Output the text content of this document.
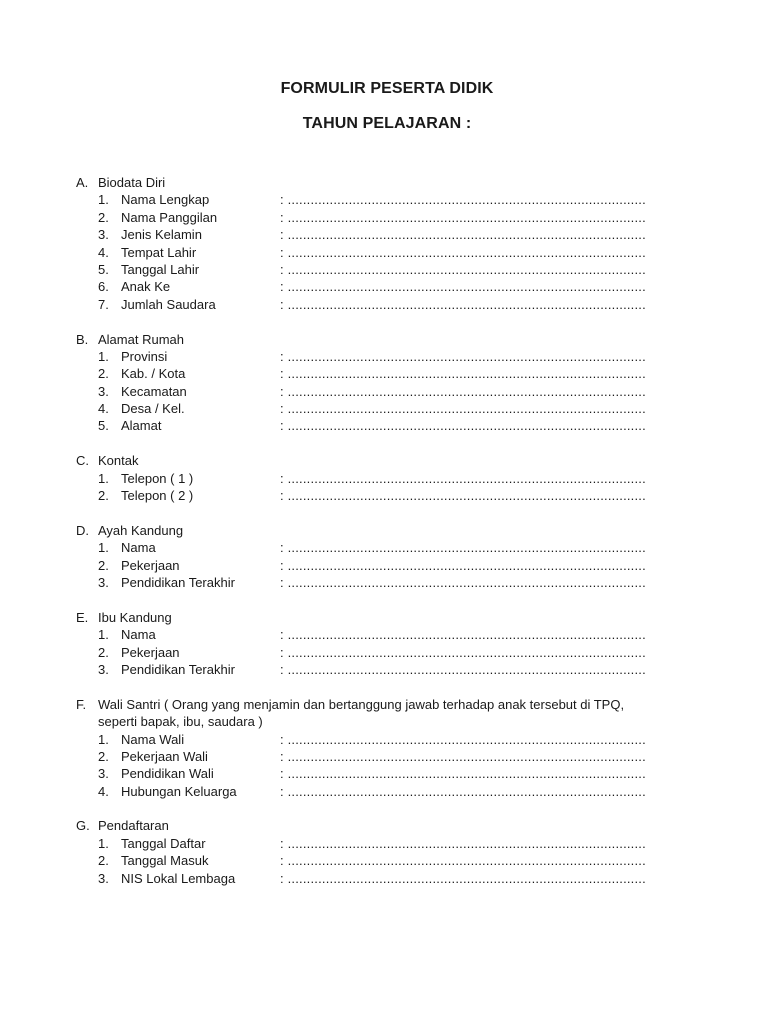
FORMULIR PESERTA DIDIK
TAHUN PELAJARAN :
A. Biodata Diri
1. Nama Lengkap	: ..............................................................................................
2. Nama Panggilan	: ..............................................................................................
3. Jenis Kelamin	: ..............................................................................................
4. Tempat Lahir	: ..............................................................................................
5. Tanggal Lahir	: ..............................................................................................
6. Anak Ke	: ..............................................................................................
7. Jumlah Saudara	: ..............................................................................................
B. Alamat Rumah
1. Provinsi	: ..............................................................................................
2. Kab. / Kota	: ..............................................................................................
3. Kecamatan	: ..............................................................................................
4. Desa / Kel.	: ..............................................................................................
5. Alamat	: ..............................................................................................
C. Kontak
1. Telepon ( 1 )	: ..............................................................................................
2. Telepon ( 2 )	: ..............................................................................................
D. Ayah Kandung
1. Nama	: ..............................................................................................
2. Pekerjaan	: ..............................................................................................
3. Pendidikan Terakhir	: ..............................................................................................
E. Ibu Kandung
1. Nama	: ..............................................................................................
2. Pekerjaan	: ..............................................................................................
3. Pendidikan Terakhir	: ..............................................................................................
F. Wali Santri ( Orang yang menjamin dan bertanggung jawab terhadap anak tersebut di TPQ,
seperti bapak, ibu, saudara )
1. Nama Wali	: ..............................................................................................
2. Pekerjaan Wali	: ..............................................................................................
3. Pendidikan Wali	: ..............................................................................................
4. Hubungan Keluarga	: ..............................................................................................
G. Pendaftaran
1. Tanggal Daftar	: ..............................................................................................
2. Tanggal Masuk	: ..............................................................................................
3. NIS Lokal Lembaga	: ..............................................................................................
